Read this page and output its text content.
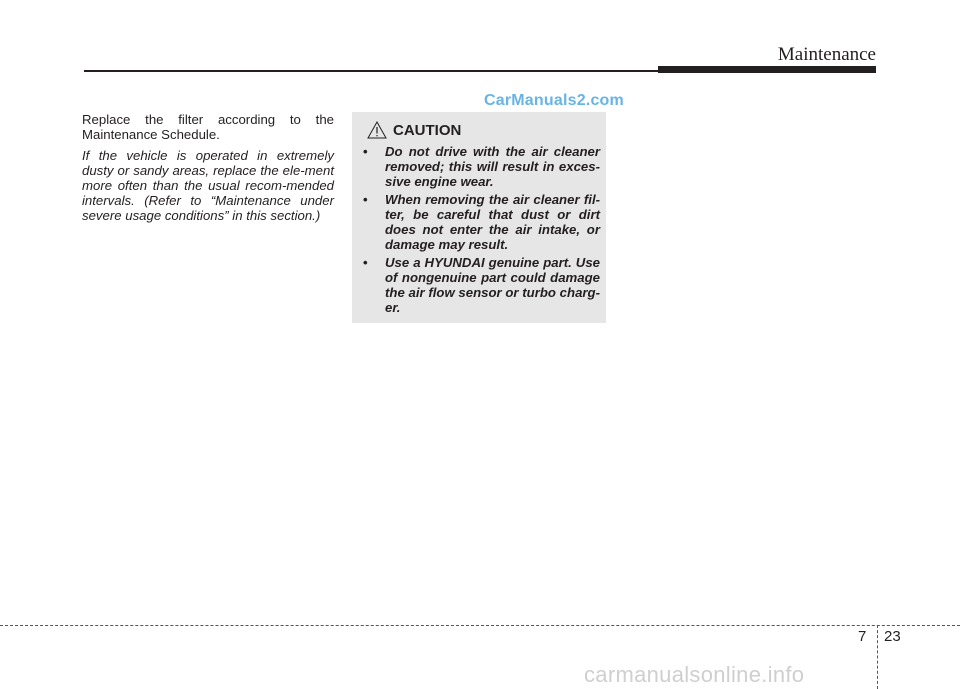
Maintenance
CarManuals2.com

Replace the filter according to the Maintenance Schedule.

If the vehicle is operated in extremely dusty or sandy areas, replace the ele-ment more often than the usual recom-mended intervals. (Refer to “Maintenance under severe usage conditions” in this section.)

CAUTION
• Do not drive with the air cleaner removed; this will result in exces-sive engine wear.
• When removing the air cleaner fil-ter, be careful that dust or dirt does not enter the air intake, or damage may result.
• Use a HYUNDAI genuine part. Use of nongenuine part could damage the air flow sensor or turbo charg-er.
7 23
carmanualsonline.info
